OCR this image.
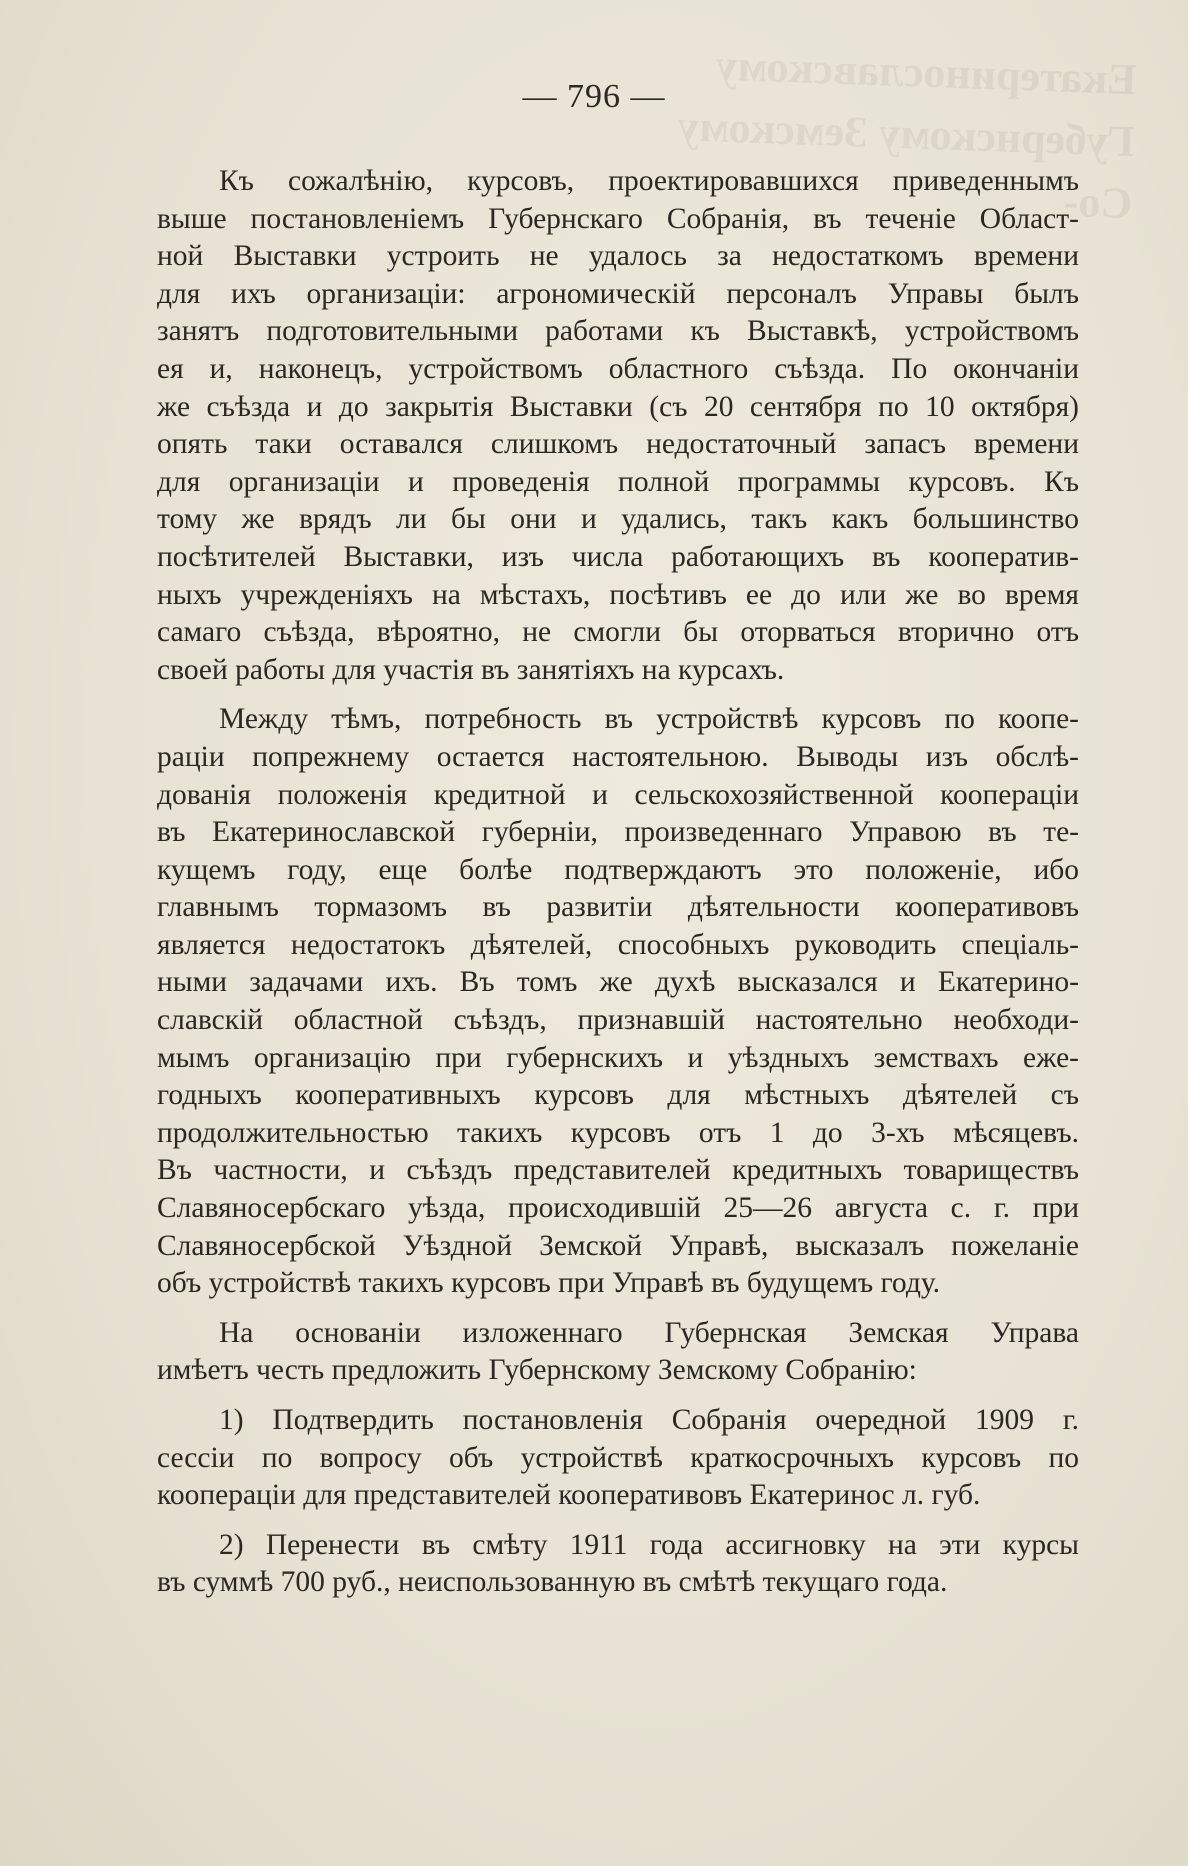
Екатеринославскому Губернскому Земскому Со-
— 796 —
Къ сожалѣнію, курсовъ, проектировавшихся приведеннымъ
выше постановленіемъ Губернскаго Собранія, въ теченіе Област-
ной Выставки устроить не удалось за недостаткомъ времени
для ихъ организаціи: агрономическій персоналъ Управы былъ
занятъ подготовительными работами къ Выставкѣ, устройствомъ
ея и, наконецъ, устройствомъ областного съѣзда. По окончаніи
же съѣзда и до закрытія Выставки (съ 20 сентября по 10 октября)
опять таки оставался слишкомъ недостаточный запасъ времени
для организаціи и проведенія полной программы курсовъ. Къ
тому же врядъ ли бы они и удались, такъ какъ большинство
посѣтителей Выставки, изъ числа работающихъ въ кооператив-
ныхъ учрежденіяхъ на мѣстахъ, посѣтивъ ее до или же во время
самаго съѣзда, вѣроятно, не смогли бы оторваться вторично отъ
своей работы для участія въ занятіяхъ на курсахъ.
Между тѣмъ, потребность въ устройствѣ курсовъ по коопе-
раціи попрежнему остается настоятельною. Выводы изъ обслѣ-
дованія положенія кредитной и сельскохозяйственной коопераціи
въ Екатеринославской губерніи, произведеннаго Управою въ те-
кущемъ году, еще болѣе подтверждаютъ это положеніе, ибо
главнымъ тормазомъ въ развитіи дѣятельности кооперативовъ
является недостатокъ дѣятелей, способныхъ руководить спеціаль-
ными задачами ихъ. Въ томъ же духѣ высказался и Екатерино-
славскій областной съѣздъ, признавшій настоятельно необходи-
мымъ организацію при губернскихъ и уѣздныхъ земствахъ еже-
годныхъ кооперативныхъ курсовъ для мѣстныхъ дѣятелей съ
продолжительностью такихъ курсовъ отъ 1 до 3-хъ мѣсяцевъ.
Въ частности, и съѣздъ представителей кредитныхъ товариществъ
Славяносербскаго уѣзда, происходившій 25—26 августа с. г. при
Славяносербской Уѣздной Земской Управѣ, высказалъ пожеланіе
объ устройствѣ такихъ курсовъ при Управѣ въ будущемъ году.
На основаніи изложеннаго Губернская Земская Управа
имѣетъ честь предложить Губернскому Земскому Собранію:
1) Подтвердить постановленія Собранія очередной 1909 г.
сессіи по вопросу объ устройствѣ краткосрочныхъ курсовъ по
коопераціи для представителей кооперативовъ Екатеринос л. губ.
2) Перенести въ смѣту 1911 года ассигновку на эти курсы
въ суммѣ 700 руб., неиспользованную въ смѣтѣ текущаго года.
